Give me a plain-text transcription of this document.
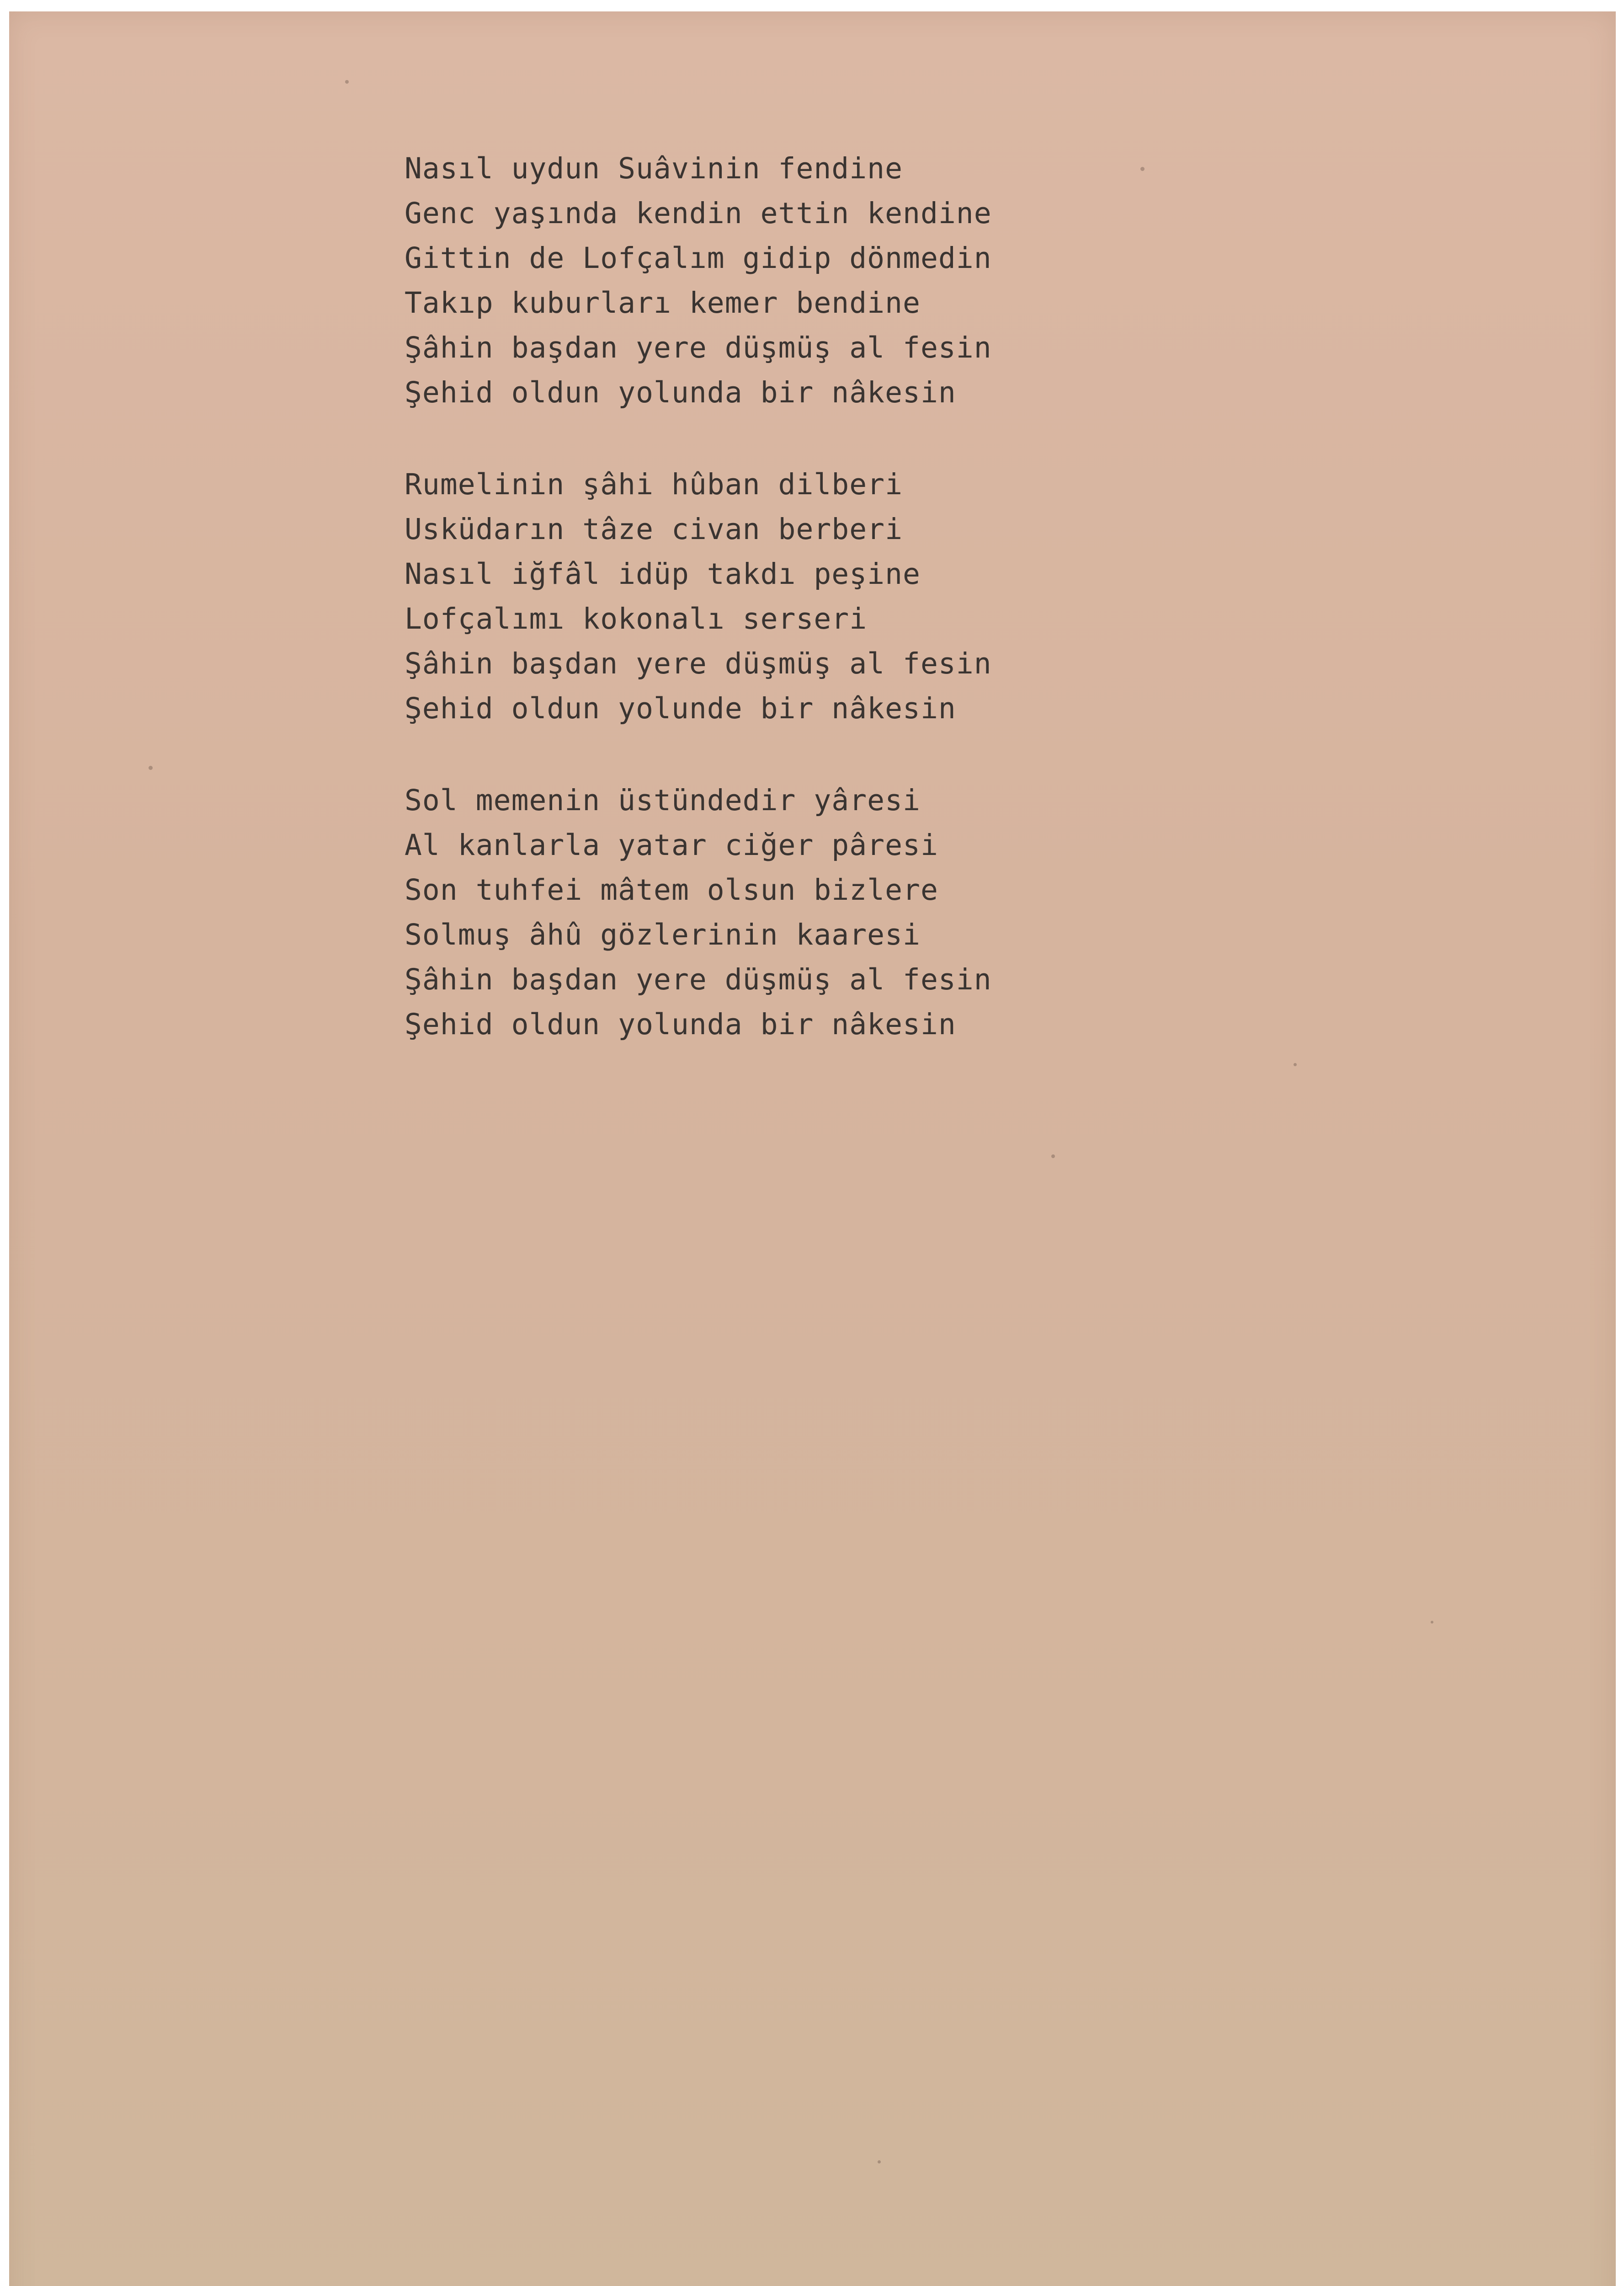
Nasıl uydun Suâvinin fendine
Genc yaşında kendin ettin kendine
Gittin de Lofçalım gidip dönmedin
Takıp kuburları kemer bendine
Şâhin başdan yere düşmüş al fesin
Şehid oldun yolunda bir nâkesin
Rumelinin şâhi hûban dilberi
Usküdarın tâze civan berberi
Nasıl iğfâl idüp takdı peşine
Lofçalımı kokonalı serseri
Şâhin başdan yere düşmüş al fesin
Şehid oldun yolunde bir nâkesin
Sol memenin üstündedir yâresi
Al kanlarla yatar ciğer pâresi
Son tuhfei mâtem olsun bizlere
Solmuş âhû gözlerinin kaaresi
Şâhin başdan yere düşmüş al fesin
Şehid oldun yolunda bir nâkesin
